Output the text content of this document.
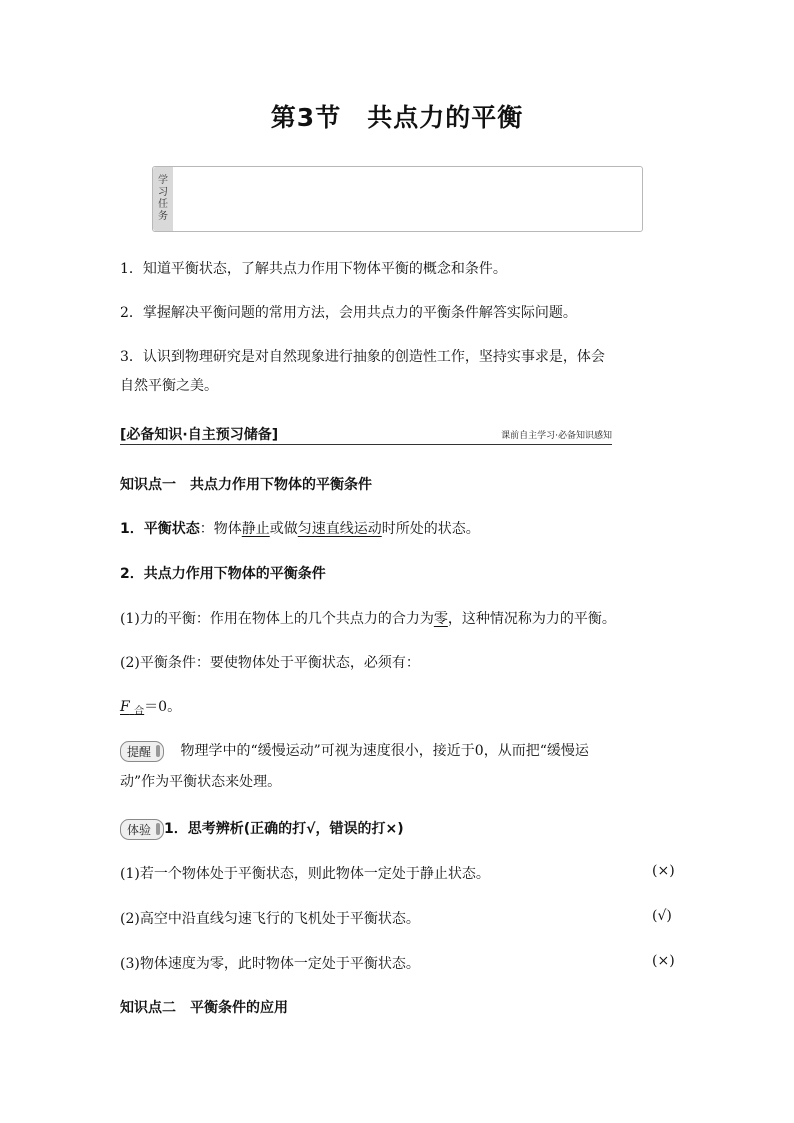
第3节　共点力的平衡
学习任务
1．知道平衡状态，了解共点力作用下物体平衡的概念和条件。
2．掌握解决平衡问题的常用方法，会用共点力的平衡条件解答实际问题。
3．认识到物理研究是对自然现象进行抽象的创造性工作，坚持实事求是，体会
自然平衡之美。
[必备知识·自主预习储备]	课前自主学习·必备知识感知
知识点一　共点力作用下物体的平衡条件
1．平衡状态：物体静止或做匀速直线运动时所处的状态。
2．共点力作用下物体的平衡条件
(1)力的平衡：作用在物体上的几个共点力的合力为零，这种情况称为力的平衡。
(2)平衡条件：要使物体处于平衡状态，必须有：
F $_合$＝0。
提醒 物理学中的“缓慢运动”可视为速度很小，接近于0，从而把“缓慢运
动”作为平衡状态来处理。
体验 1．思考辨析(正确的打√，错误的打×)
(1)若一个物体处于平衡状态，则此物体一定处于静止状态。	(×)
(2)高空中沿直线匀速飞行的飞机处于平衡状态。	(√)
(3)物体速度为零，此时物体一定处于平衡状态。	(×)
知识点二　平衡条件的应用
